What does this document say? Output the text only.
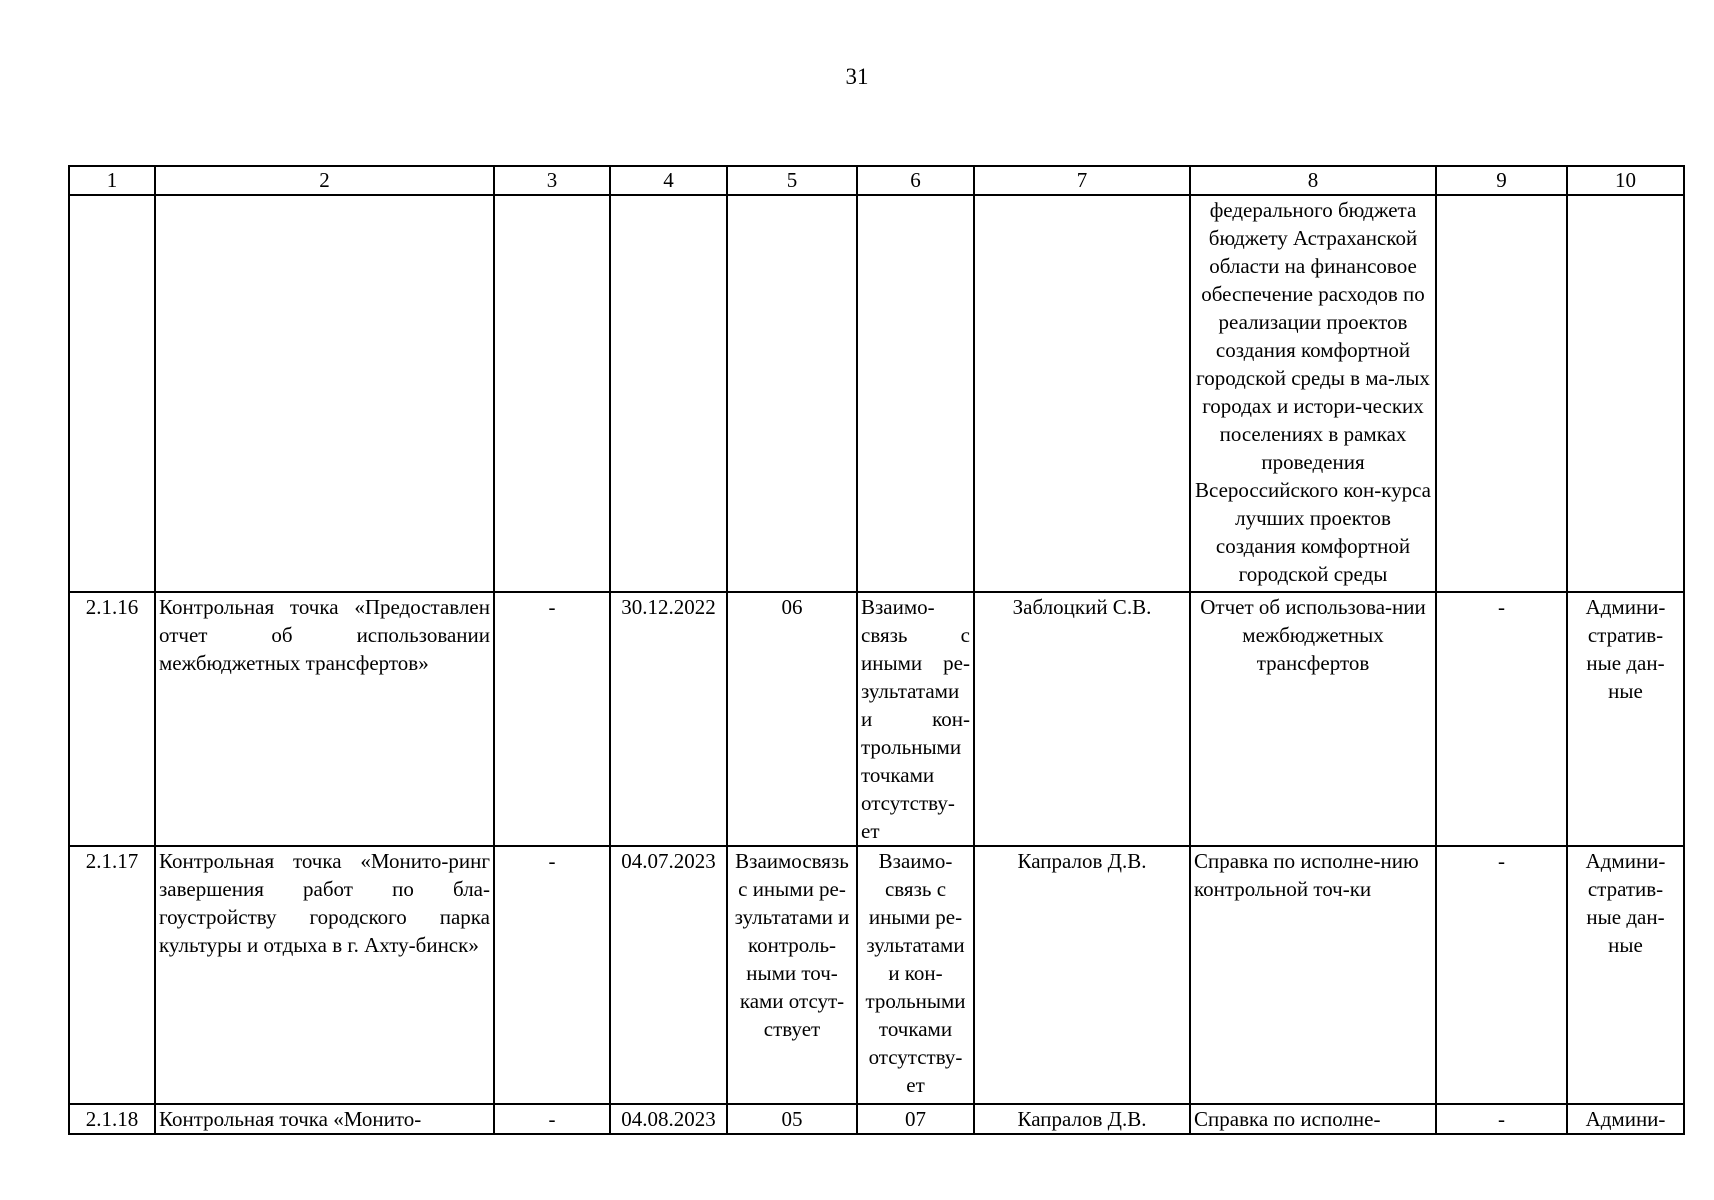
31
1	2	3	4	5	6	7	8	9	10
							федерального бюджета бюджету Астраханской области на финансовое обеспечение расходов по реализации проектов создания комфортной городской среды в ма-лых городах и истори-ческих поселениях в рамках проведения Всероссийского кон-курса лучших проектов создания комфортной городской среды		
2.1.16	Контрольная точка «Предоставлен отчет об использовании межбюджетных трансфертов»	-	30.12.2022	06	Взаимо-связь с иными ре-зультатами и кон-трольными точками отсутству-ет	Заблоцкий С.В.	Отчет об использова-нии межбюджетных трансфертов	-	Админи-стратив-ные дан-ные
2.1.17	Контрольная точка «Монито-ринг завершения работ по бла-гоустройству городского парка культуры и отдыха в г. Ахту-бинск»	-	04.07.2023	Взаимосвязь с иными ре-зультатами и контроль-ными точ-ками отсут-ствует	Взаимо-связь с иными ре-зультатами и кон-трольными точками отсутству-ет	Капралов Д.В.	Справка по исполне-нию контрольной точ-ки	-	Админи-стратив-ные дан-ные
2.1.18	Контрольная точка «Монито-	-	04.08.2023	05	07	Капралов Д.В.	Справка по исполне-	-	Админи-
